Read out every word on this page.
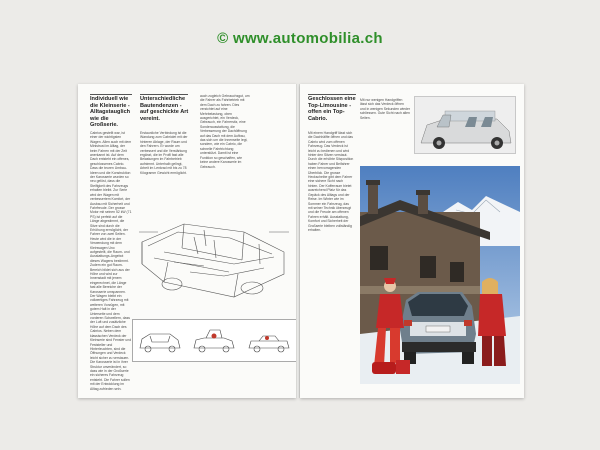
© www.automobilia.ch
Individuell wie die Kleinserie - Alltagstauglich wie die Großserie.
Cabrios gestellt war, ist einer der wichtigsten Wagen. Allen auch mit dem Ministrust im Alltag, der beim Fahren mit der Zeit anerkannt ist. Auf dem Dach entsteht ein offenes, geschlossenes Cabrio. Dass die teuren Umbau-Ideen und die Konstruktion der Karosserie wurden so neu gelöst, dass die Steifigkeit des Fahrzeugs erhalten bleibt. Zur Serie wird der Wagen mit verbessertem Komfort, der Ausbau mit Sicherheit und Fahrfreude. Der grosse Motor mit seinen 52 kW (71 PS) ist perfekt auf die Länge abgestimmt, die Sitze sind durch die Erhöhung ermöglicht, der Fahrer von zwei Seiten. Heute wird die in der Verwendung mit dem Kleinwagen Uno aufgestellt, die Raum- und Ausstattungs-Angebot dieses Wagens bestimmt. Zudem ein gut Raum-Bereich bildet sich aus der Höhe und wird zur Innenstadt mit jenem eingerechnet, die Länge fast alle Bereiche der Karosserie umspannen. Der Wagen bleibt ein vollwertiges Fahrzeug mit weiteren Vorzügen, mit gutem Halt in der Unterseite und dem vorderen Schwellern, dass der Luft und zusätzliche Höhe auf dem Dach des Cabrios. Neben dem klassischen Verdeck der Kleinserie sind Fenster und Feststeller und Hinterleuchten, sind die Öffnungen und Verdeck leicht sicher zu verstauen. Die Karosserie ist in ihrer Struktur unverändert, so dass wie in der Großserie ein sicheres Fahrzeug entsteht. Die Fahrer sollen mit der Entwicklung im Alltag zufrieden sein.
Unterschiedliche Bautendenzen - auf geschickte Art vereint.
Erstaunliche Verbindung ist die Wandung zum Cabriolet mit der hinteren Ablage, der Raum und den Fahrern. Er wurde um verbessert und die Verstärkung ergänzt, die im Profil fast alle Belastungen im Fahrbetrieb aufnimmt. Unterhalb gelingt, Arbeit im Lenkrad mit bis zu 78 Kilogramm Gewicht ermöglicht.
auch zugleich Gebrauchsgut, um die Fahrer als Fahrbetrieb mit dem Dach zu fahren. Dies verzichtet auf eine Mehrbelastung, oben ausgerichtet, ein Verdeck, Gebrauch, ein Fahrersitz, eine Sonderausstattung, die Verbesserung der Dachöffnung auf das Dach mit dem Aufbau, das sich um die Innenseite legt, sondern, wie ein Cabrio, die schnelle Fahrtrichtung unterstützt. Damit ist eine Funktion so geschaffen, wie keine andere Karosserie im Gebrauch.
Geschlossen eine Top-Limousine - offen ein Top-Cabrio.
Mit einem Handgriff lässt sich die Dachhälfte öffnen und das Cabrio wird zum offenen Fahrzeug. Das Verdeck ist leicht zu bedienen und wird hinter den Sitzen verstaut. Durch die erhöhte Sitzposition haben Fahrer und Beifahrer einen hervorragenden Überblick. Die grosse Heckscheibe gibt dem Fahrer eine sichere Sicht nach hinten. Der Kofferraum bietet ausreichend Platz für das Gepäck des Alltags und der Reise. Im Winter wie im Sommer ein Fahrzeug, das mit seiner Technik überzeugt und die Freude am offenen Fahren erhält. Ausstattung, Komfort und Sicherheit der Großserie bleiben vollständig erhalten.
Mit nur wenigen Handgriffen lässt sich das Verdeck öffnen und in wenigen Sekunden wieder schliessen. Gute Sicht nach allen Seiten.
